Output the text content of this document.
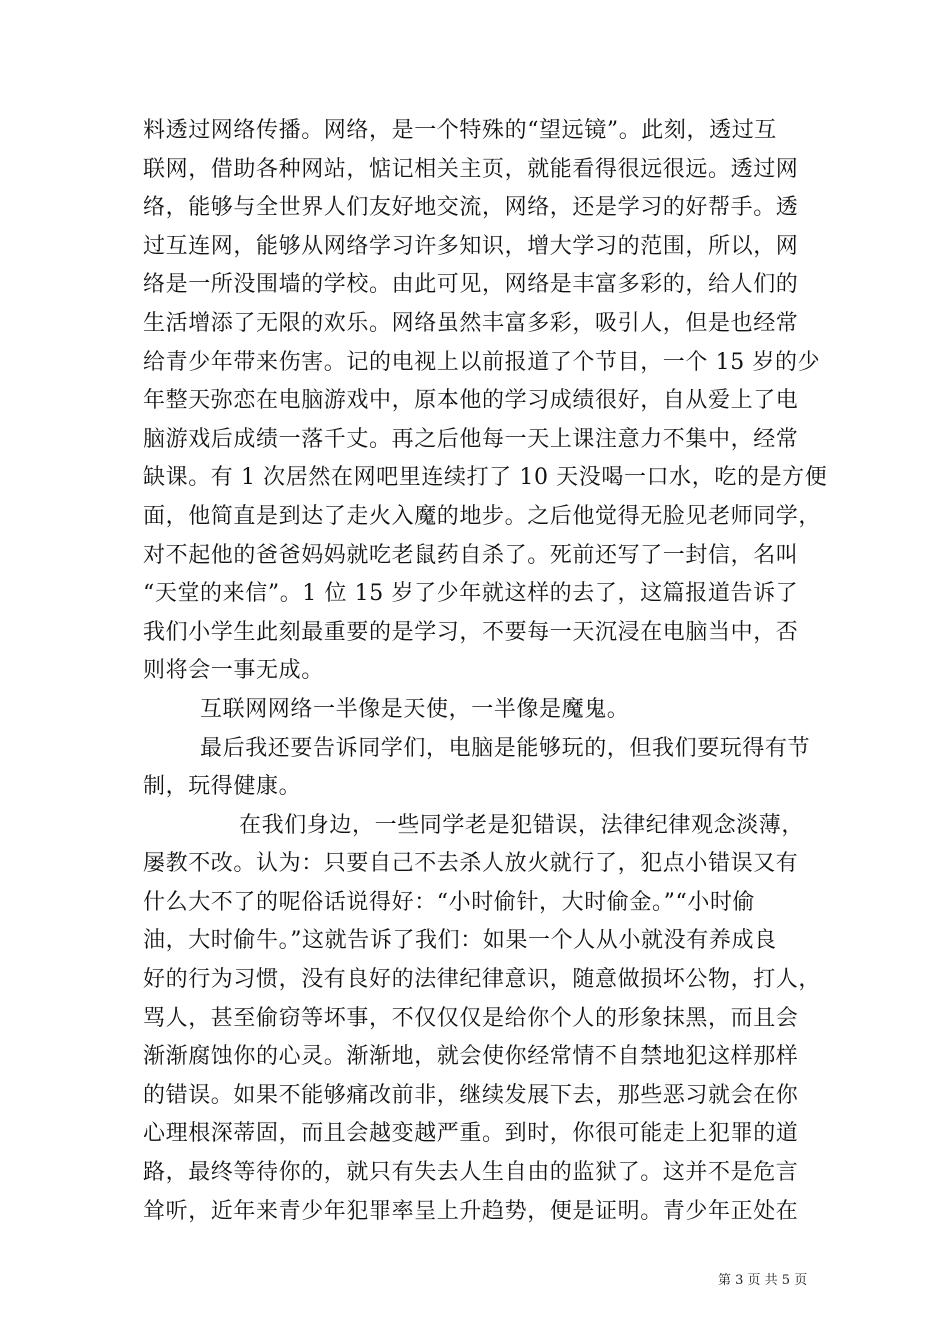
料透过网络传播。网络，是一个特殊的“望远镜”。此刻，透过互
联网，借助各种网站，惦记相关主页，就能看得很远很远。透过网
络，能够与全世界人们友好地交流，网络，还是学习的好帮手。透
过互连网，能够从网络学习许多知识，增大学习的范围，所以，网
络是一所没围墙的学校。由此可见，网络是丰富多彩的，给人们的
生活增添了无限的欢乐。网络虽然丰富多彩，吸引人，但是也经常
给青少年带来伤害。记的电视上以前报道了个节目，一个 15 岁的少
年整天弥恋在电脑游戏中，原本他的学习成绩很好，自从爱上了电
脑游戏后成绩一落千丈。再之后他每一天上课注意力不集中，经常
缺课。有 1 次居然在网吧里连续打了 10 天没喝一口水，吃的是方便
面，他简直是到达了走火入魔的地步。之后他觉得无脸见老师同学，
对不起他的爸爸妈妈就吃老鼠药自杀了。死前还写了一封信，名叫
“天堂的来信”。1 位 15 岁了少年就这样的去了，这篇报道告诉了
我们小学生此刻最重要的是学习，不要每一天沉浸在电脑当中，否
则将会一事无成。
互联网网络一半像是天使，一半像是魔鬼。
最后我还要告诉同学们，电脑是能够玩的，但我们要玩得有节
制，玩得健康。
在我们身边，一些同学老是犯错误，法律纪律观念淡薄，
屡教不改。认为：只要自己不去杀人放火就行了，犯点小错误又有
什么大不了的呢俗话说得好：“小时偷针，大时偷金。”“小时偷
油，大时偷牛。”这就告诉了我们：如果一个人从小就没有养成良
好的行为习惯，没有良好的法律纪律意识，随意做损坏公物，打人，
骂人，甚至偷窃等坏事，不仅仅仅是给你个人的形象抹黑，而且会
渐渐腐蚀你的心灵。渐渐地，就会使你经常情不自禁地犯这样那样
的错误。如果不能够痛改前非，继续发展下去，那些恶习就会在你
心理根深蒂固，而且会越变越严重。到时，你很可能走上犯罪的道
路，最终等待你的，就只有失去人生自由的监狱了。这并不是危言
耸听，近年来青少年犯罪率呈上升趋势，便是证明。青少年正处在
第 3 页 共 5 页
